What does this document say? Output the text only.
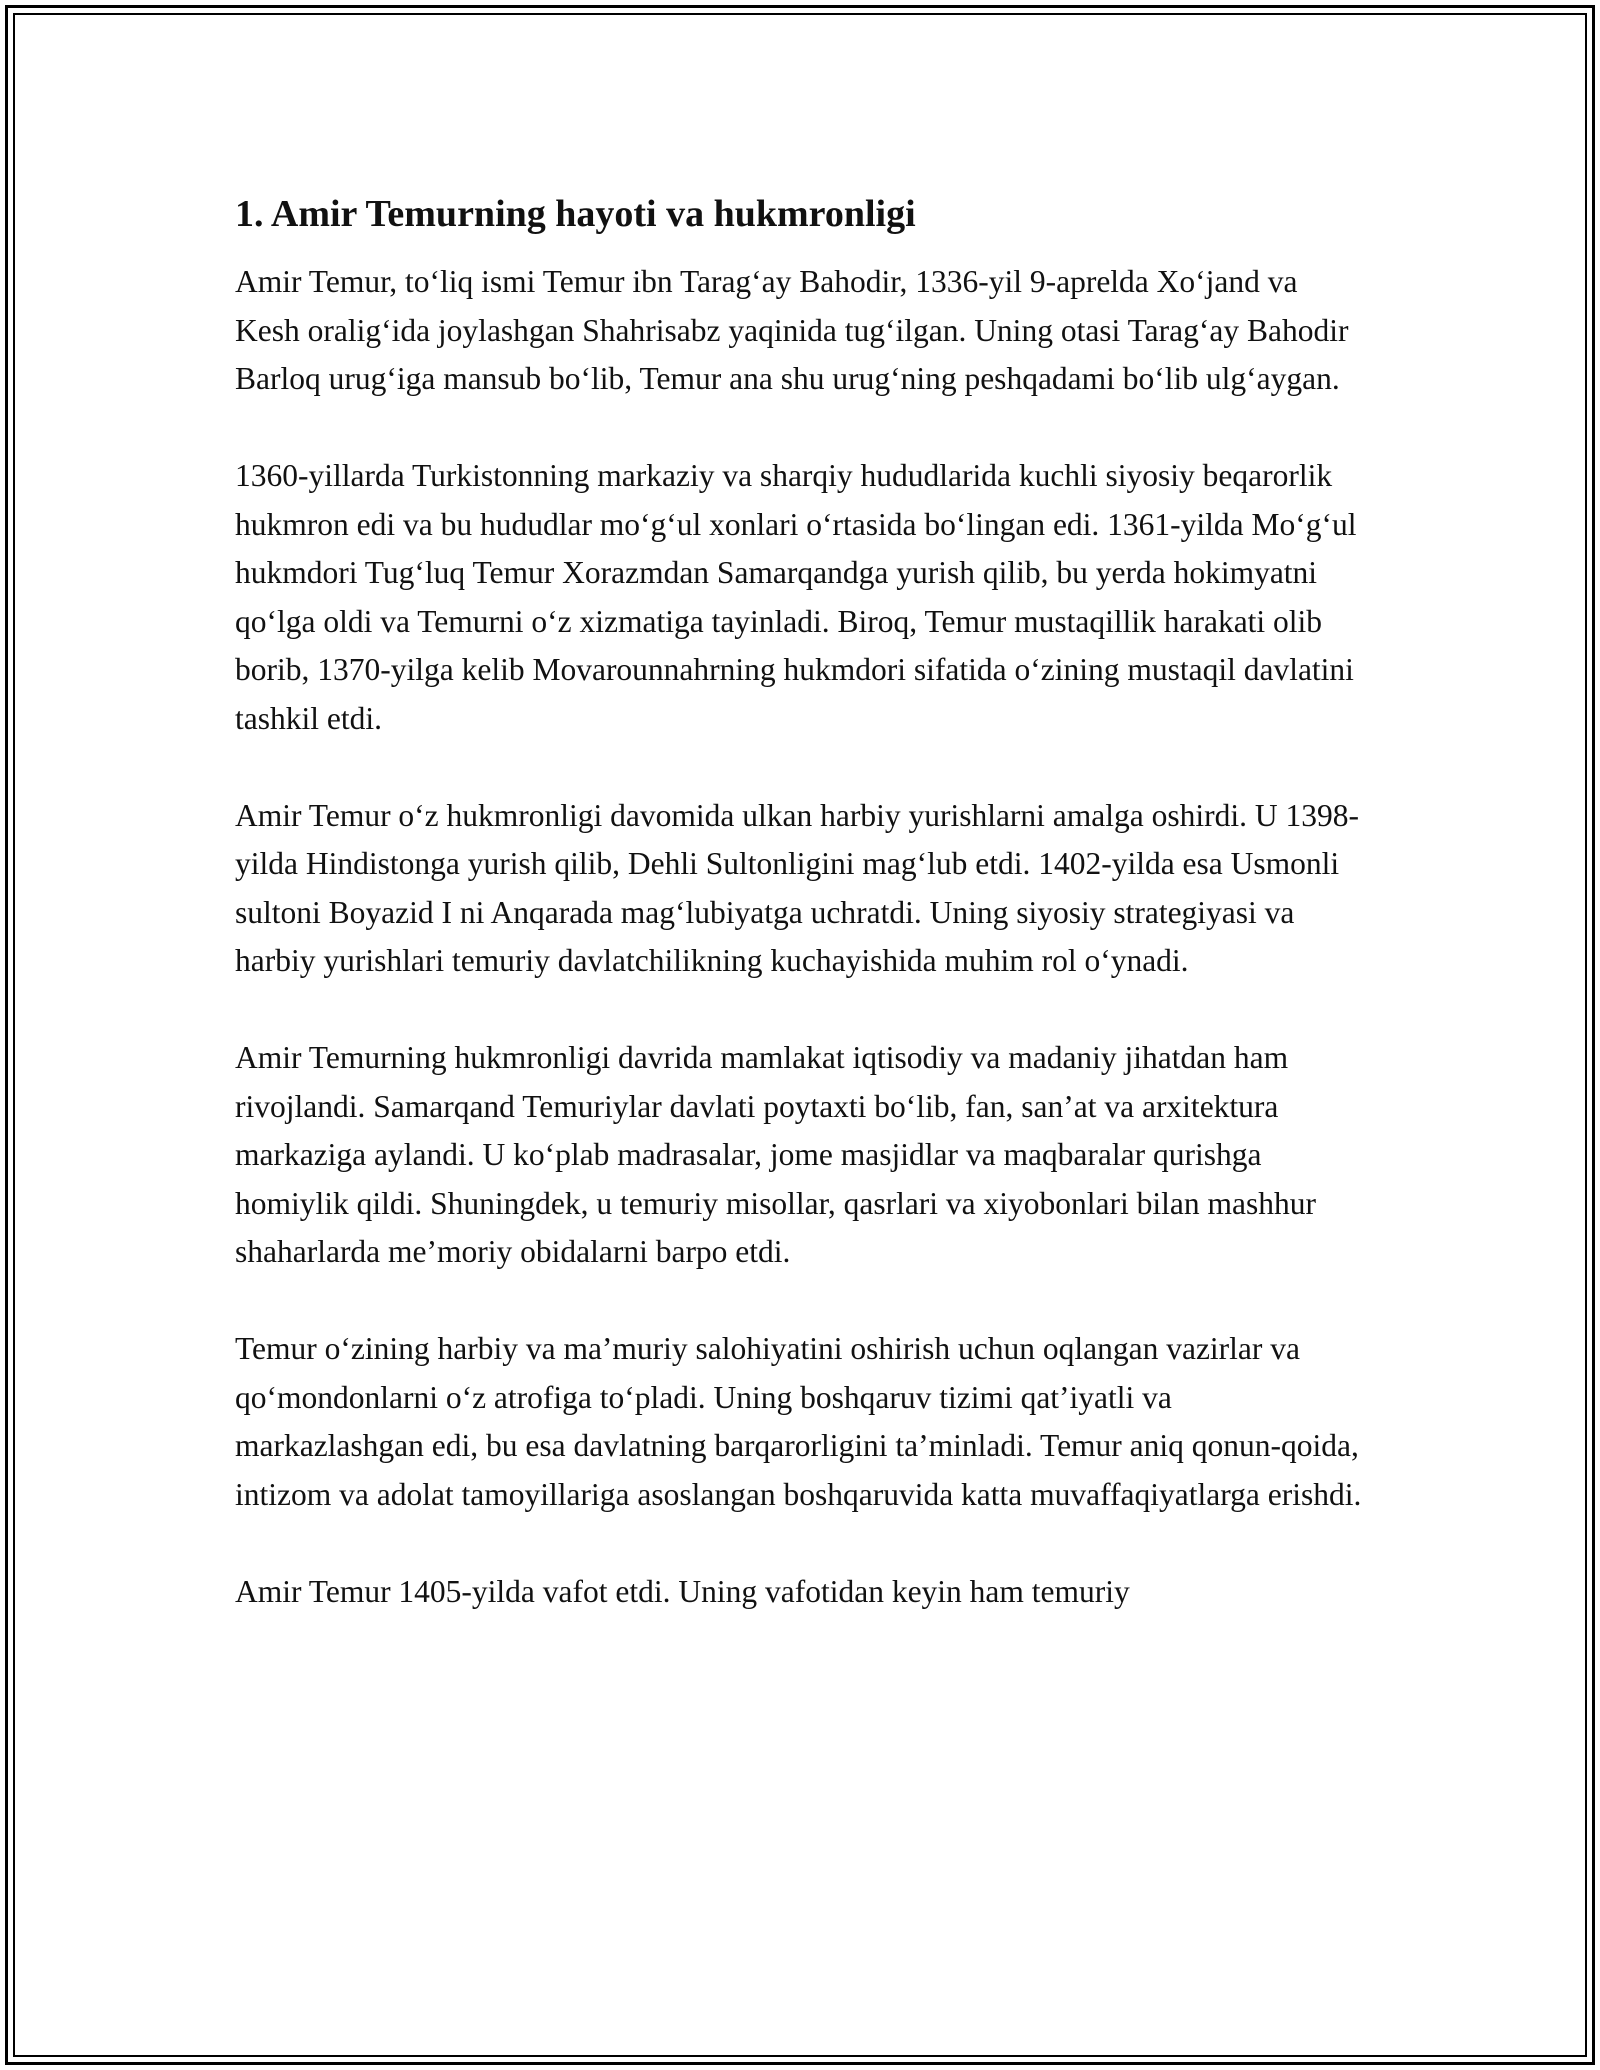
1. Amir Temurning hayoti va hukmronligi

Amir Temur, to‘liq ismi Temur ibn Tarag‘ay Bahodir, 1336-yil 9-aprelda Xo‘jand va Kesh oralig‘ida joylashgan Shahrisabz yaqinida tug‘ilgan. Uning otasi Tarag‘ay Bahodir Barloq urug‘iga mansub bo‘lib, Temur ana shu urug‘ning peshqadami bo‘lib ulg‘aygan.

1360-yillarda Turkistonning markaziy va sharqiy hududlarida kuchli siyosiy beqarorlik hukmron edi va bu hududlar mo‘g‘ul xonlari o‘rtasida bo‘lingan edi. 1361-yilda Mo‘g‘ul hukmdori Tug‘luq Temur Xorazmdan Samarqandga yurish qilib, bu yerda hokimyatni qo‘lga oldi va Temurni o‘z xizmatiga tayinladi. Biroq, Temur mustaqillik harakati olib borib, 1370-yilga kelib Movarounnahrning hukmdori sifatida o‘zining mustaqil davlatini tashkil etdi.

Amir Temur o‘z hukmronligi davomida ulkan harbiy yurishlarni amalga oshirdi. U 1398-yilda Hindistonga yurish qilib, Dehli Sultonligini mag‘lub etdi. 1402-yilda esa Usmonli sultoni Boyazid I ni Anqarada mag‘lubiyatga uchratdi. Uning siyosiy strategiyasi va harbiy yurishlari temuriy davlatchilikning kuchayishida muhim rol o‘ynadi.

Amir Temurning hukmronligi davrida mamlakat iqtisodiy va madaniy jihatdan ham rivojlandi. Samarqand Temuriylar davlati poytaxti bo‘lib, fan, san’at va arxitektura markaziga aylandi. U ko‘plab madrasalar, jome masjidlar va maqbaralar qurishga homiylik qildi. Shuningdek, u temuriy misollar, qasrlari va xiyobonlari bilan mashhur shaharlarda me’moriy obidalarni barpo etdi.

Temur o‘zining harbiy va ma’muriy salohiyatini oshirish uchun oqlangan vazirlar va qo‘mondonlarni o‘z atrofiga to‘pladi. Uning boshqaruv tizimi qat’iyatli va markazlashgan edi, bu esa davlatning barqarorligini ta’minladi. Temur aniq qonun-qoida, intizom va adolat tamoyillariga asoslangan boshqaruvida katta muvaffaqiyatlarga erishdi.

Amir Temur 1405-yilda vafot etdi. Uning vafotidan keyin ham temuriy
